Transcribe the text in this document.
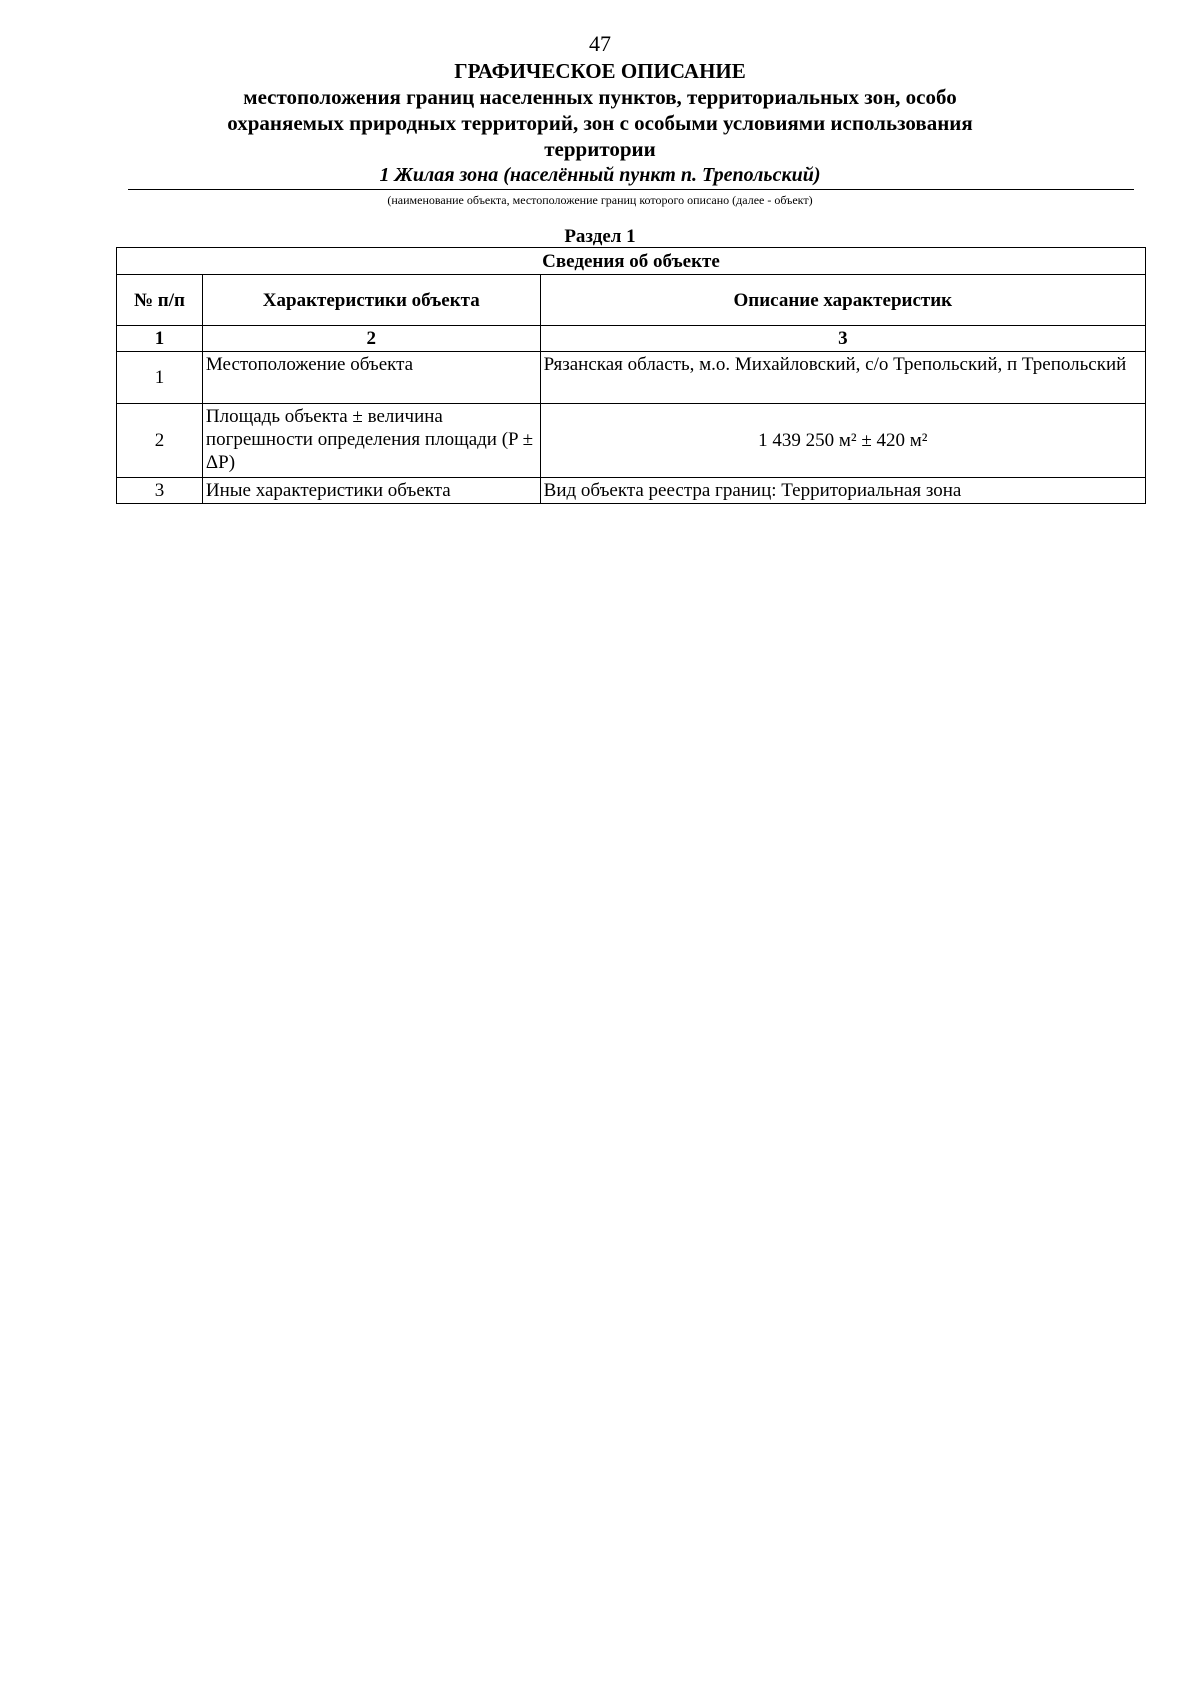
47
ГРАФИЧЕСКОЕ ОПИСАНИЕ
местоположения границ населенных пунктов, территориальных зон, особо охраняемых природных территорий, зон с особыми условиями использования территории
1 Жилая зона (населённый пункт п. Трепольский)
(наименование объекта, местоположение границ которого описано (далее - объект)
Раздел 1
Сведения об объекте		
№ п/п	Характеристики объекта	Описание характеристик
1	2	3
1	Местоположение объекта	Рязанская область, м.о. Михайловский, с/о Трепольский, п Трепольский
2	Площадь объекта ± величина погрешности определения площади (P ± ΔP)	1 439 250 м² ± 420 м²
3	Иные характеристики объекта	Вид объекта реестра границ: Территориальная зона
